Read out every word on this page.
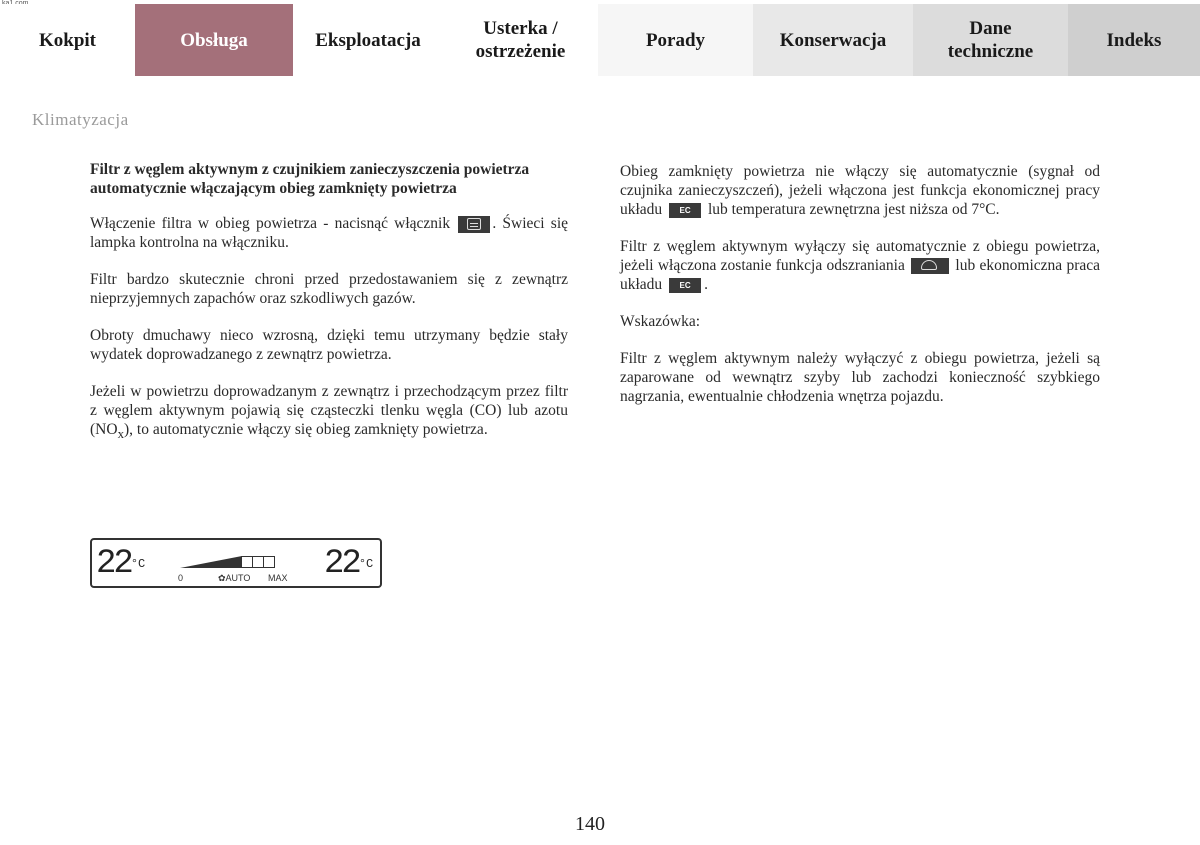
Kokpit	Obsługa	Eksploatacja
Usterka /
ostrzeżenie
Porady	Konserwacja
Dane
techniczne
Indeks
Klimatyzacja

Filtr z węglem aktywnym z czujnikiem zanieczyszczenia powietrza automatycznie włączającym obieg zamknięty powietrza

Włączenie filtra w obieg powietrza - nacisnąć włącznik	. Świeci się lampka kontrolna na włączniku.

Filtr bardzo skutecznie chroni przed przedostawaniem się z zewnątrz nieprzyjemnych zapachów oraz szkodliwych gazów.

Obroty dmuchawy nieco wzrosną, dzięki temu utrzymany będzie stały wydatek doprowadzanego z zewnątrz powietrza.

Jeżeli w powietrzu doprowadzanym z zewnątrz i przechodzącym przez filtr z węglem aktywnym pojawią się cząsteczki tlenku węgla (CO) lub azotu $(NO_x)$, to automatycznie włączy się obieg zamknięty powietrza.

$22^{^\circ C}$
0	✿AUTO MAX $22^{^\circ C}$

Obieg zamknięty powietrza nie włączy się automatycznie (sygnał od czujnika zanieczyszczeń), jeżeli włączona jest funkcja ekonomicznej pracy układu EC lub temperatura zewnętrzna jest niższa od 7°C.

Filtr z węglem aktywnym wyłączy się automatycznie z obiegu powietrza, jeżeli włączona zostanie funkcja odszraniania	lub ekonomiczna praca układu EC .

Wskazówka:

Filtr z węglem aktywnym należy wyłączyć z obiegu powietrza, jeżeli są zaparowane od wewnątrz szyby lub zachodzi konieczność szybkiego nagrzania, ewentualnie chłodzenia wnętrza pojazdu.

140
